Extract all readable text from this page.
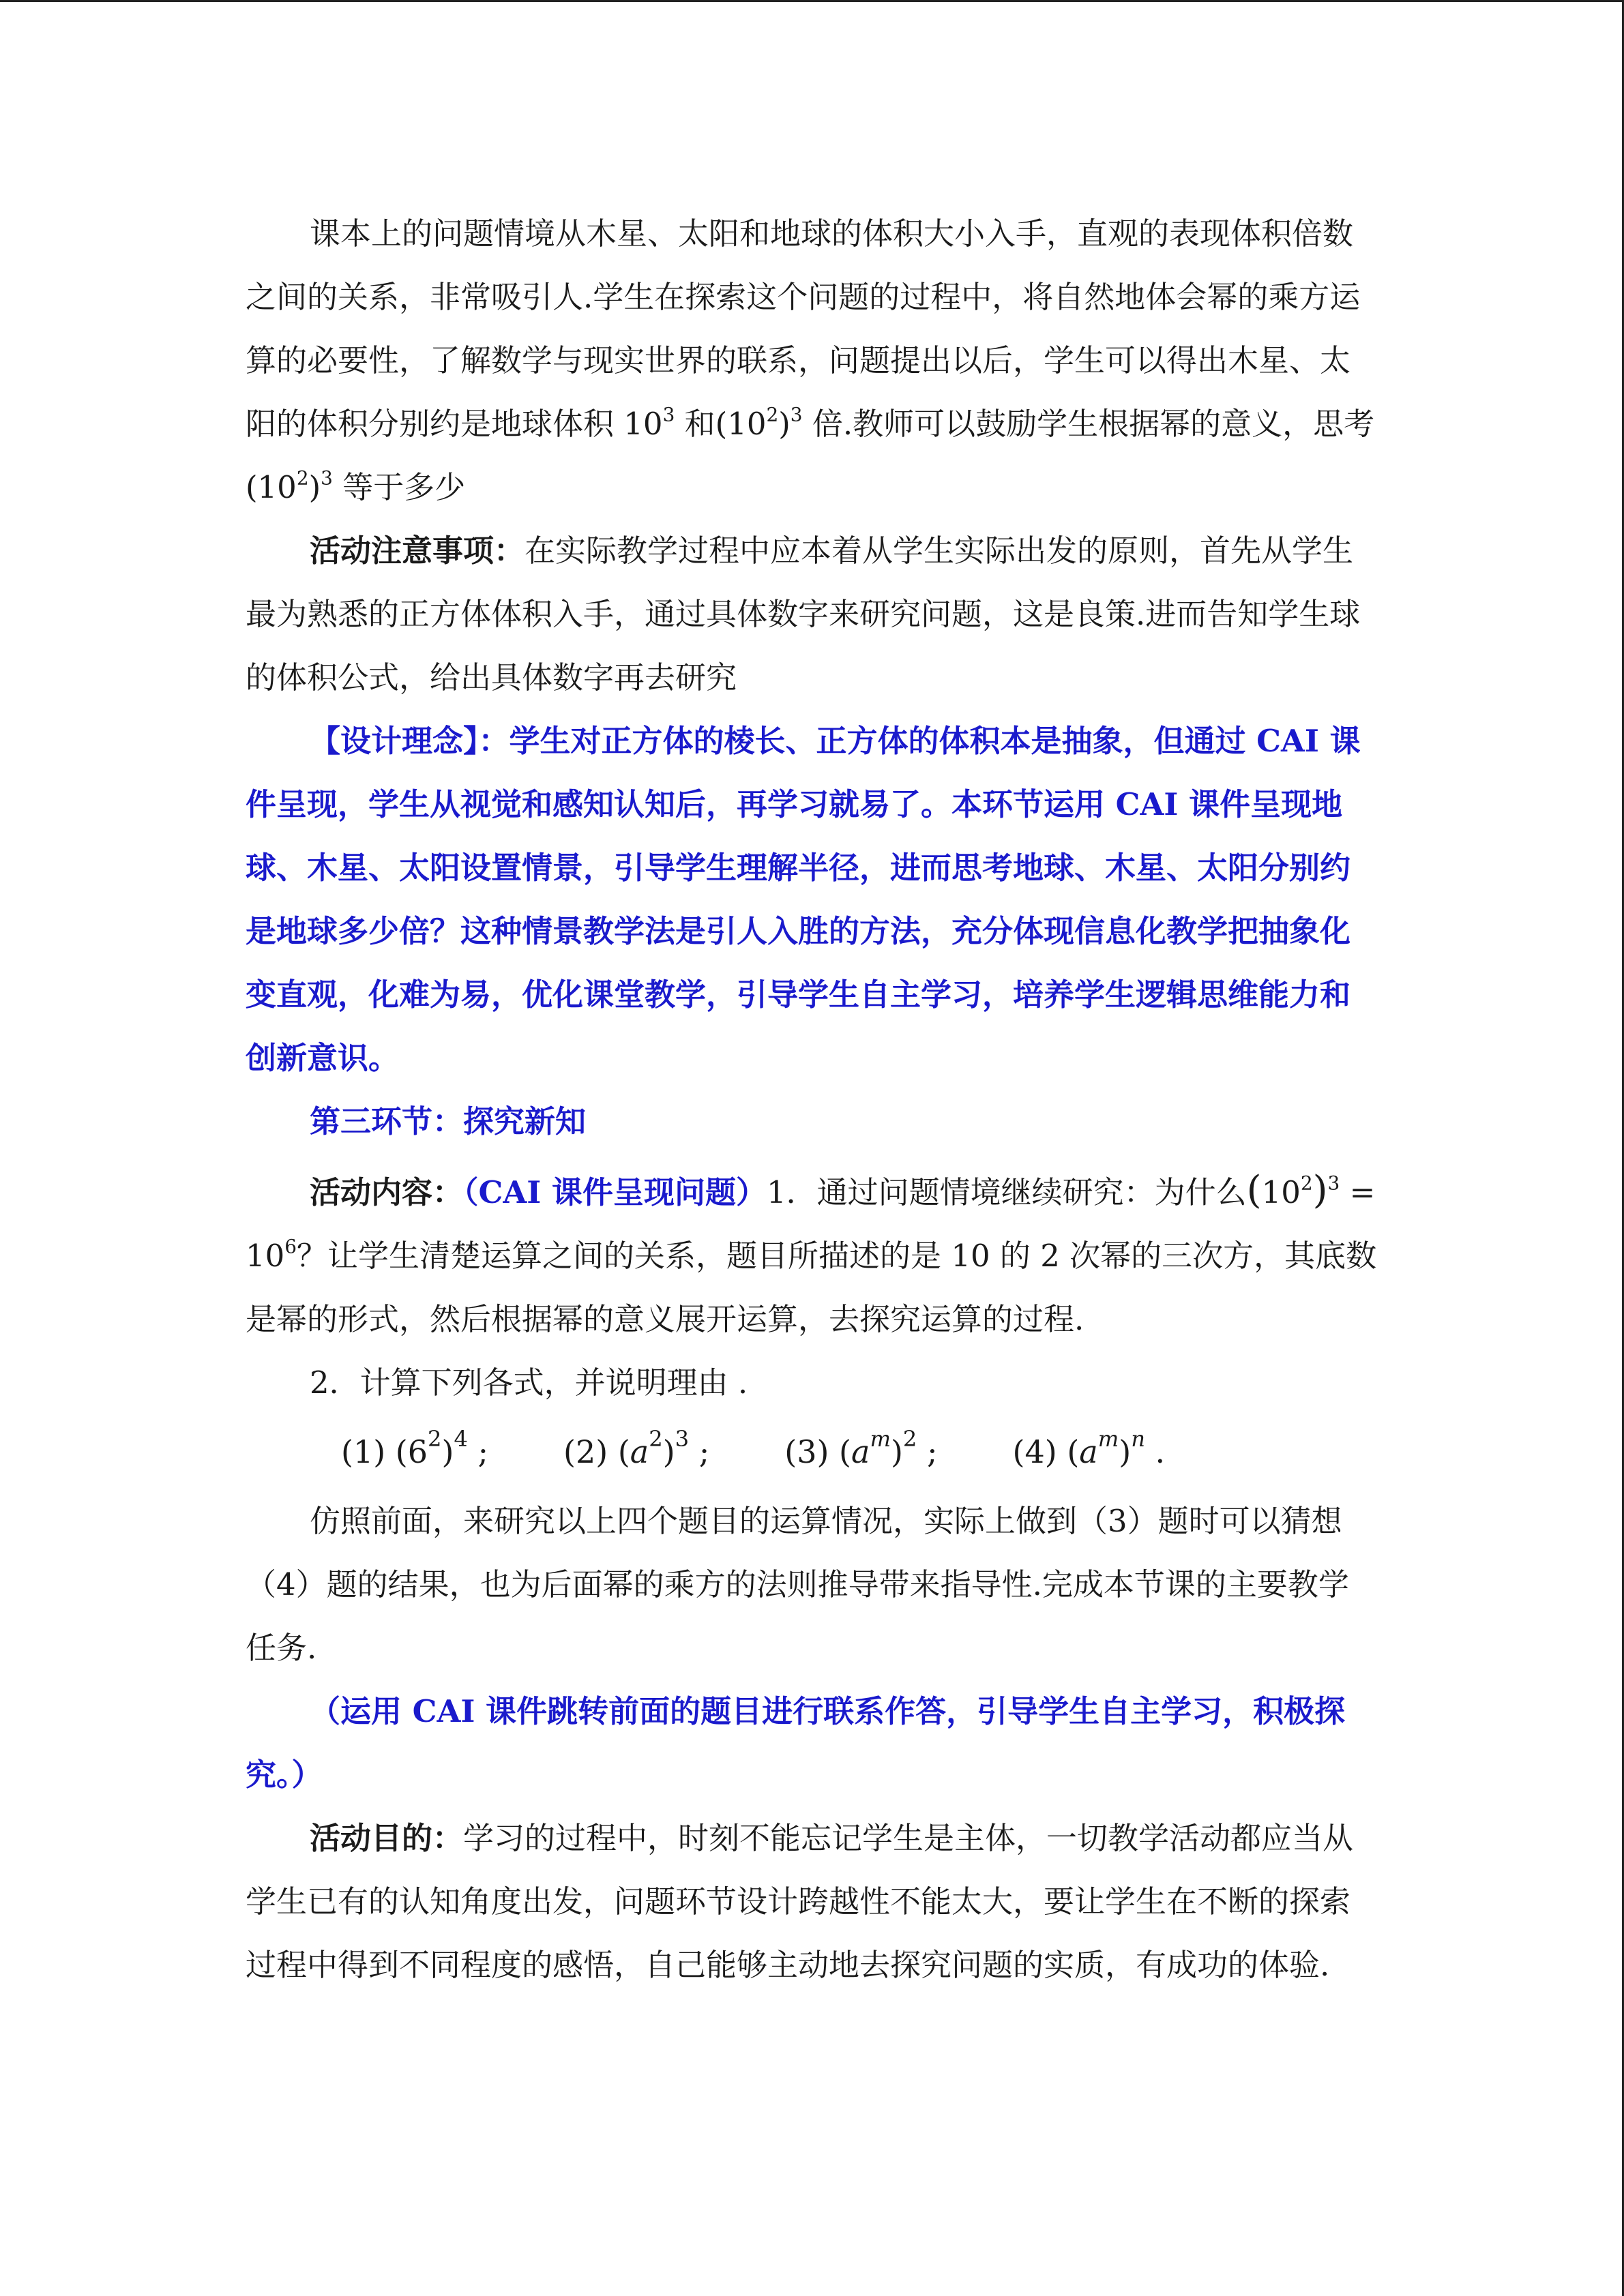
课本上的问题情境从木星、太阳和地球的体积大小入手，直观的表现体积倍数之间的关系，非常吸引人.学生在探索这个问题的过程中，将自然地体会幂的乘方运算的必要性，了解数学与现实世界的联系，问题提出以后，学生可以得出木星、太阳的体积分别约是地球体积 $10^3$ 和$(10^2)^3$ 倍.教师可以鼓励学生根据幂的意义，思考$(10^2)^3$ 等于多少

活动注意事项：在实际教学过程中应本着从学生实际出发的原则，首先从学生最为熟悉的正方体体积入手，通过具体数字来研究问题，这是良策.进而告知学生球的体积公式，给出具体数字再去研究

【设计理念】：学生对正方体的棱长、正方体的体积本是抽象，但通过 CAI 课件呈现，学生从视觉和感知认知后，再学习就易了。本环节运用 CAI 课件呈现地球、木星、太阳设置情景，引导学生理解半径，进而思考地球、木星、太阳分别约是地球多少倍？这种情景教学法是引人入胜的方法，充分体现信息化教学把抽象化变直观，化难为易，优化课堂教学，引导学生自主学习，培养学生逻辑思维能力和创新意识。

第三环节：探究新知

活动内容：（CAI 课件呈现问题）1．通过问题情境继续研究：为什么$(10^2)^3 = 10^6$？让学生清楚运算之间的关系，题目所描述的是 10 的 2 次幂的三次方，其底数是幂的形式，然后根据幂的意义展开运算，去探究运算的过程.

2．计算下列各式，并说明理由 .

(1) $(6^2)^4$ ; (2) $(a^2)^3$ ; (3) $(a^m)^2$ ; (4) $(a^m)^n$ .

仿照前面，来研究以上四个题目的运算情况，实际上做到（3）题时可以猜想（4）题的结果，也为后面幂的乘方的法则推导带来指导性.完成本节课的主要教学任务.

（运用 CAI 课件跳转前面的题目进行联系作答，引导学生自主学习，积极探究。）

活动目的：学习的过程中，时刻不能忘记学生是主体，一切教学活动都应当从学生已有的认知角度出发，问题环节设计跨越性不能太大，要让学生在不断的探索过程中得到不同程度的感悟，自己能够主动地去探究问题的实质，有成功的体验.
